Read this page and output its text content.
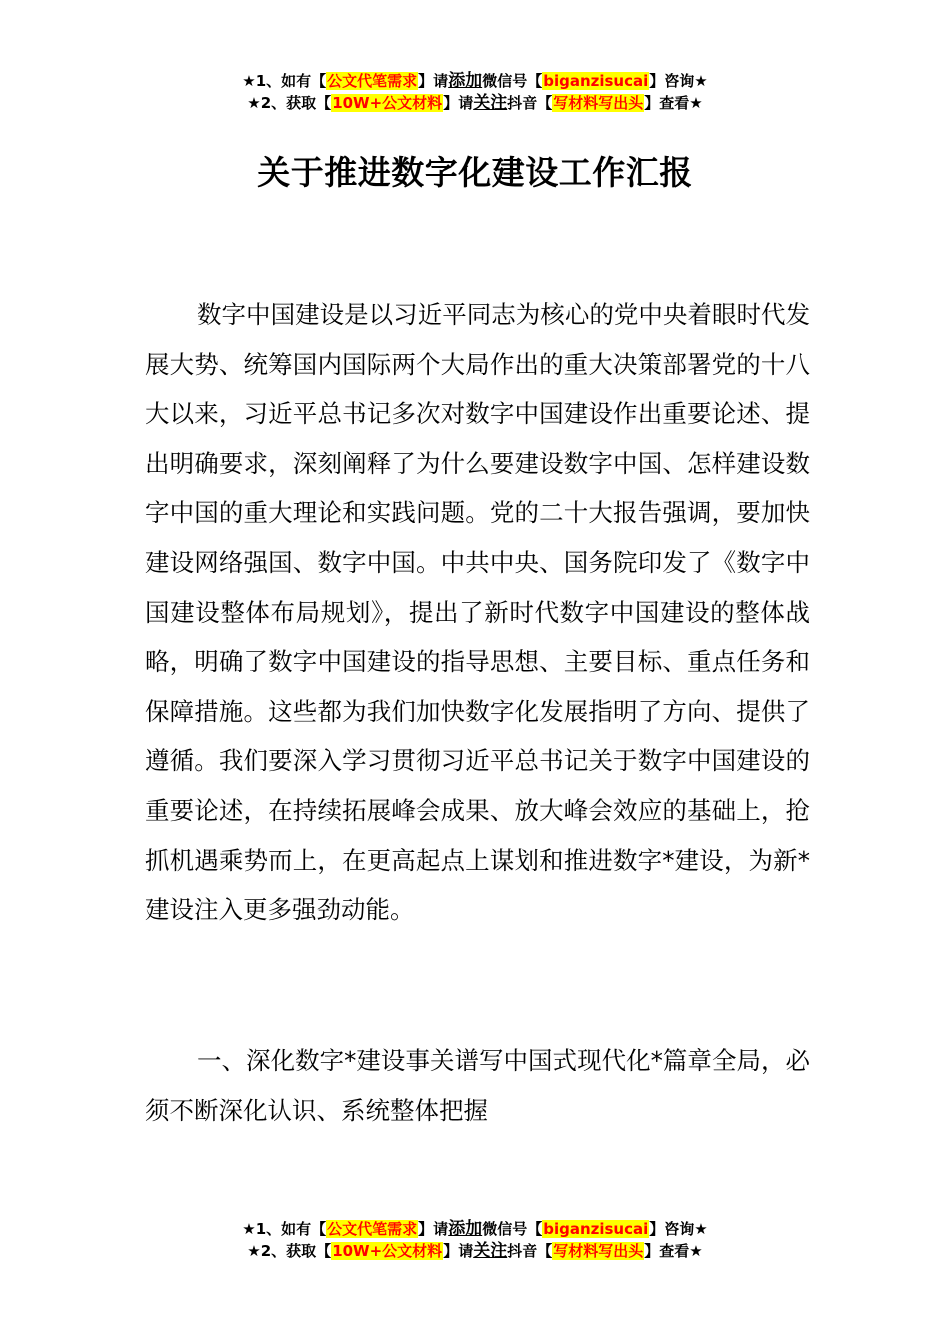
★1、如有【公文代笔需求】请添加微信号【biganzisucai】咨询★
★2、获取【10W+公文材料】请关注抖音【写材料写出头】查看★
关于推进数字化建设工作汇报
数字中国建设是以习近平同志为核心的党中央着眼时代发展大势、统筹国内国际两个大局作出的重大决策部署党的十八大以来，习近平总书记多次对数字中国建设作出重要论述、提出明确要求，深刻阐释了为什么要建设数字中国、怎样建设数字中国的重大理论和实践问题。党的二十大报告强调，要加快建设网络强国、数字中国。中共中央、国务院印发了《数字中国建设整体布局规划》，提出了新时代数字中国建设的整体战略，明确了数字中国建设的指导思想、主要目标、重点任务和保障措施。这些都为我们加快数字化发展指明了方向、提供了遵循。我们要深入学习贯彻习近平总书记关于数字中国建设的重要论述，在持续拓展峰会成果、放大峰会效应的基础上，抢抓机遇乘势而上，在更高起点上谋划和推进数字*建设，为新*建设注入更多强劲动能。
一、深化数字*建设事关谱写中国式现代化*篇章全局，必须不断深化认识、系统整体把握
★1、如有【公文代笔需求】请添加微信号【biganzisucai】咨询★
★2、获取【10W+公文材料】请关注抖音【写材料写出头】查看★
